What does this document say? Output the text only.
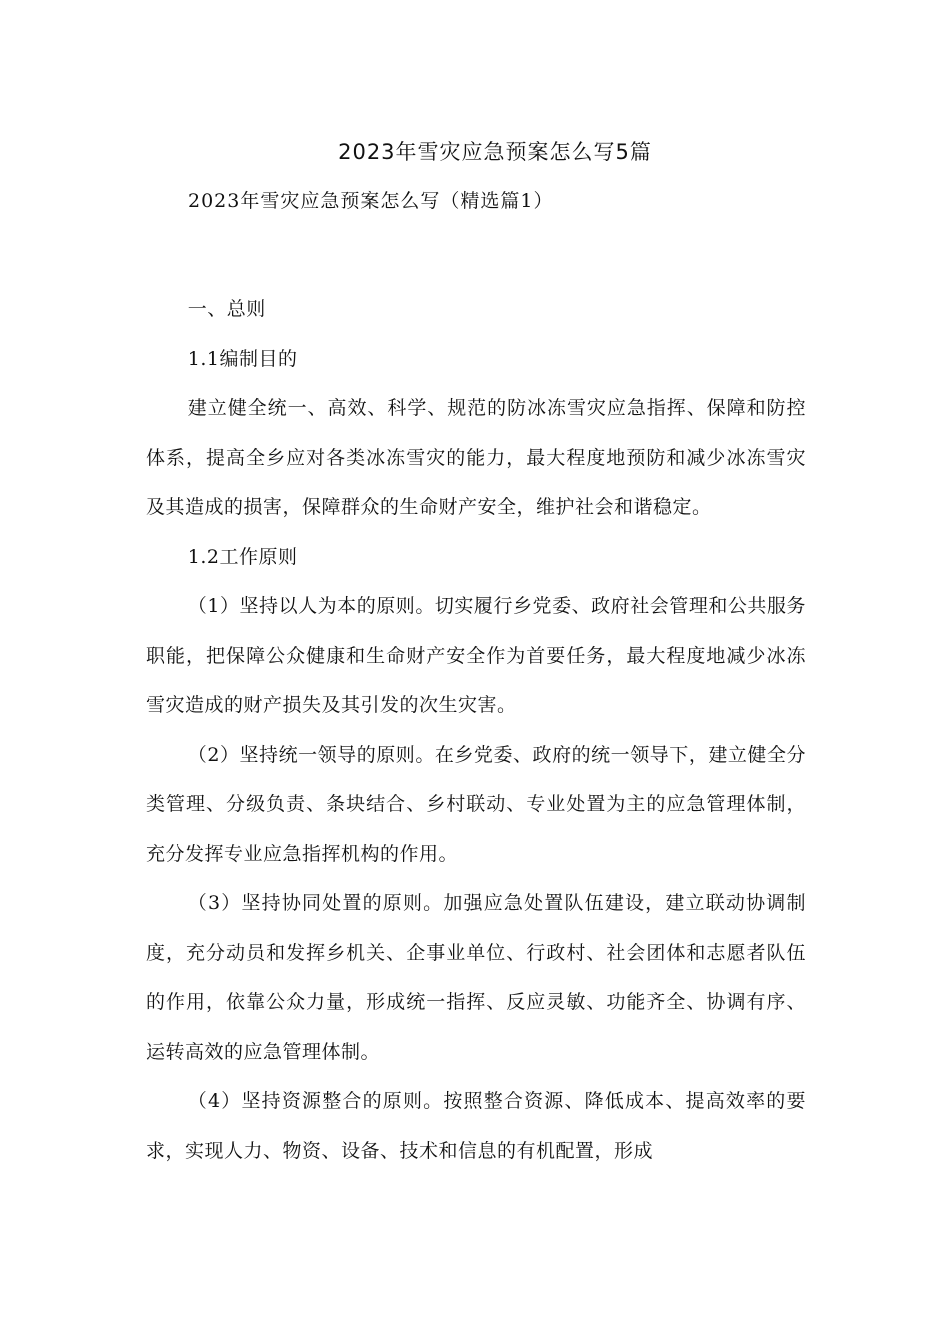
2023年雪灾应急预案怎么写5篇
2023年雪灾应急预案怎么写（精选篇1）

一、总则

1.1编制目的

建立健全统一、高效、科学、规范的防冰冻雪灾应急指挥、保障和防控体系，提高全乡应对各类冰冻雪灾的能力，最大程度地预防和减少冰冻雪灾及其造成的损害，保障群众的生命财产安全，维护社会和谐稳定。

1.2工作原则

（1）坚持以人为本的原则。切实履行乡党委、政府社会管理和公共服务职能，把保障公众健康和生命财产安全作为首要任务，最大程度地减少冰冻雪灾造成的财产损失及其引发的次生灾害。

（2）坚持统一领导的原则。在乡党委、政府的统一领导下，建立健全分类管理、分级负责、条块结合、乡村联动、专业处置为主的应急管理体制，充分发挥专业应急指挥机构的作用。

（3）坚持协同处置的原则。加强应急处置队伍建设，建立联动协调制度，充分动员和发挥乡机关、企事业单位、行政村、社会团体和志愿者队伍的作用，依靠公众力量，形成统一指挥、反应灵敏、功能齐全、协调有序、运转高效的应急管理体制。

（4）坚持资源整合的原则。按照整合资源、降低成本、提高效率的要求，实现人力、物资、设备、技术和信息的有机配置，形成
